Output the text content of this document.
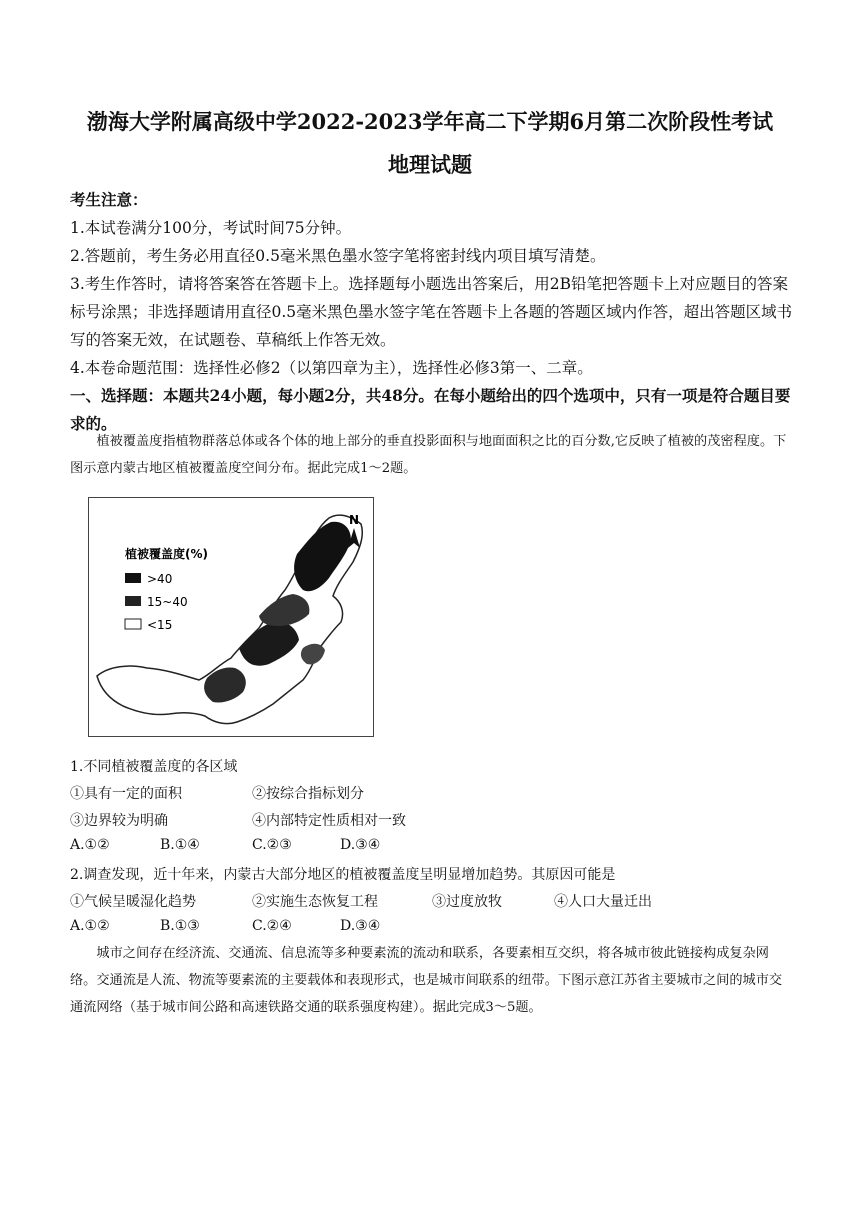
渤海大学附属高级中学2022-2023学年高二下学期6月第二次阶段性考试
地理试题
考生注意：
1.本试卷满分100分，考试时间75分钟。
2.答题前，考生务必用直径0.5毫米黑色墨水签字笔将密封线内项目填写清楚。
3.考生作答时，请将答案答在答题卡上。选择题每小题选出答案后，用2B铅笔把答题卡上对应题目的答案标号涂黑；非选择题请用直径0.5毫米黑色墨水签字笔在答题卡上各题的答题区域内作答，超出答题区域书写的答案无效，在试题卷、草稿纸上作答无效。
4.本卷命题范围：选择性必修2（以第四章为主），选择性必修3第一、二章。
一、选择题：本题共24小题，每小题2分，共48分。在每小题给出的四个选项中，只有一项是符合题目要求的。
植被覆盖度指植物群落总体或各个体的地上部分的垂直投影面积与地面面积之比的百分数,它反映了植被的茂密程度。下图示意内蒙古地区植被覆盖度空间分布。据此完成1～2题。
植被覆盖度(%)
>40
15~40
<15
N
1.不同植被覆盖度的各区域
①具有一定的面积	②按综合指标划分
③边界较为明确	④内部特定性质相对一致
A.①②	B.①④	C.②③	D.③④
2.调查发现，近十年来，内蒙古大部分地区的植被覆盖度呈明显增加趋势。其原因可能是
①气候呈暖湿化趋势	②实施生态恢复工程	③过度放牧	④人口大量迁出
A.①②	B.①③	C.②④	D.③④
城市之间存在经济流、交通流、信息流等多种要素流的流动和联系，各要素相互交织，将各城市彼此链接构成复杂网络。交通流是人流、物流等要素流的主要载体和表现形式，也是城市间联系的纽带。下图示意江苏省主要城市之间的城市交通流网络（基于城市间公路和高速铁路交通的联系强度构建）。据此完成3～5题。
